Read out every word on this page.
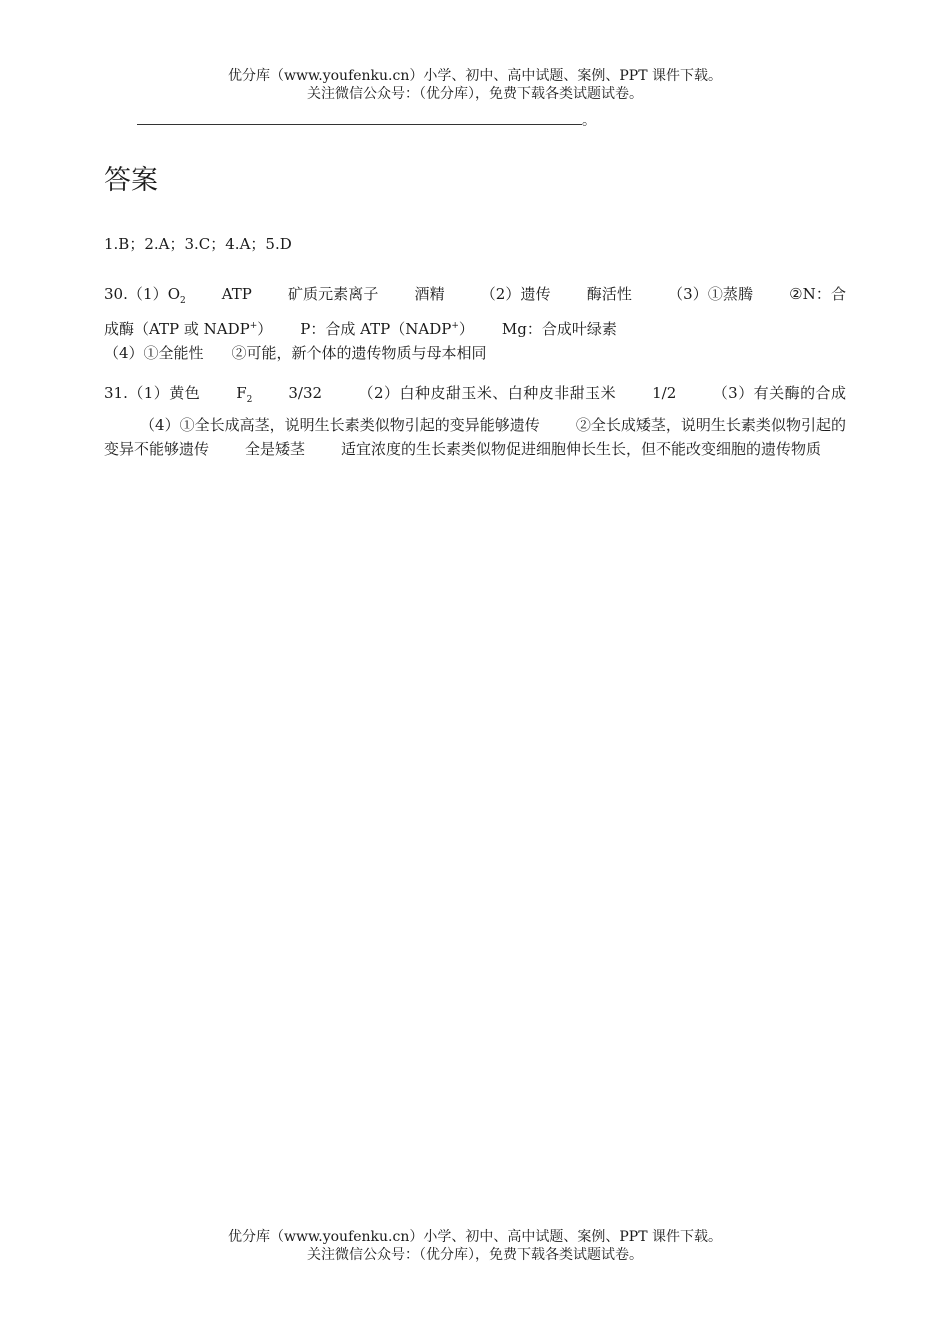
优分库（www.youfenku.cn）小学、初中、高中试题、案例、PPT 课件下载。
关注微信公众号：（优分库），免费下载各类试题试卷。
。
答案
1.B；2.A；3.C；4.A；5.D
$30.(1)O_2$ ATP 矿质元素离子 酒精 （2）遗传 酶活性 （3）①蒸腾 ②N：合成酶（ATP 或 NADP+） P：合成 ATP（NADP+） Mg：合成叶绿素
（4）①全能性 ②可能，新个体的遗传物质与母本相同
31.（1）黄色 $F_2$ 3/32 （2）白种皮甜玉米、白种皮非甜玉米 1/2 （3）有关酶的合成（4）①全长成高茎，说明生长素类似物引起的变异能够遗传 ②全长成矮茎，说明生长素类似物引起的变异不能够遗传 全是矮茎 适宜浓度的生长素类似物促进细胞伸长生长，但不能改变细胞的遗传物质
优分库（www.youfenku.cn）小学、初中、高中试题、案例、PPT 课件下载。
关注微信公众号：（优分库），免费下载各类试题试卷。
